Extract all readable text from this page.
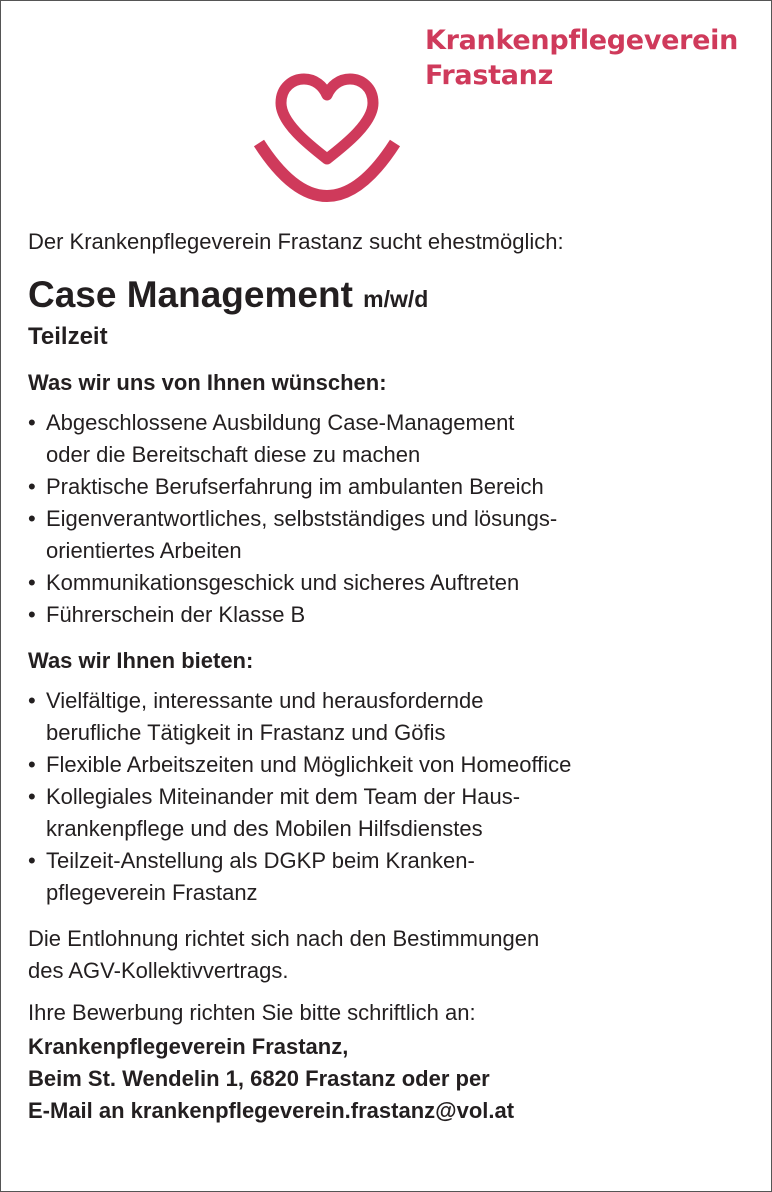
Krankenpflegeverein
Frastanz

Der Krankenpflegeverein Frastanz sucht ehestmöglich:

Case Management m/w/d

Teilzeit

Was wir uns von Ihnen wünschen:
• Abgeschlossene Ausbildung Case-Management
oder die Bereitschaft diese zu machen
• Praktische Berufserfahrung im ambulanten Bereich
• Eigenverantwortliches, selbstständiges und lösungs-
orientiertes Arbeiten
• Kommunikationsgeschick und sicheres Auftreten
• Führerschein der Klasse B
Was wir Ihnen bieten:
• Vielfältige, interessante und herausfordernde
berufliche Tätigkeit in Frastanz und Göfis
• Flexible Arbeitszeiten und Möglichkeit von Homeoffice
• Kollegiales Miteinander mit dem Team der Haus-
krankenpflege und des Mobilen Hilfsdienstes
• Teilzeit-Anstellung als DGKP beim Kranken-
pflegeverein Frastanz

Die Entlohnung richtet sich nach den Bestimmungen
des AGV-Kollektivvertrags.

Ihre Bewerbung richten Sie bitte schriftlich an:

Krankenpflegeverein Frastanz,
Beim St. Wendelin 1, 6820 Frastanz oder per
E-Mail an krankenpflegeverein.frastanz@vol.at
